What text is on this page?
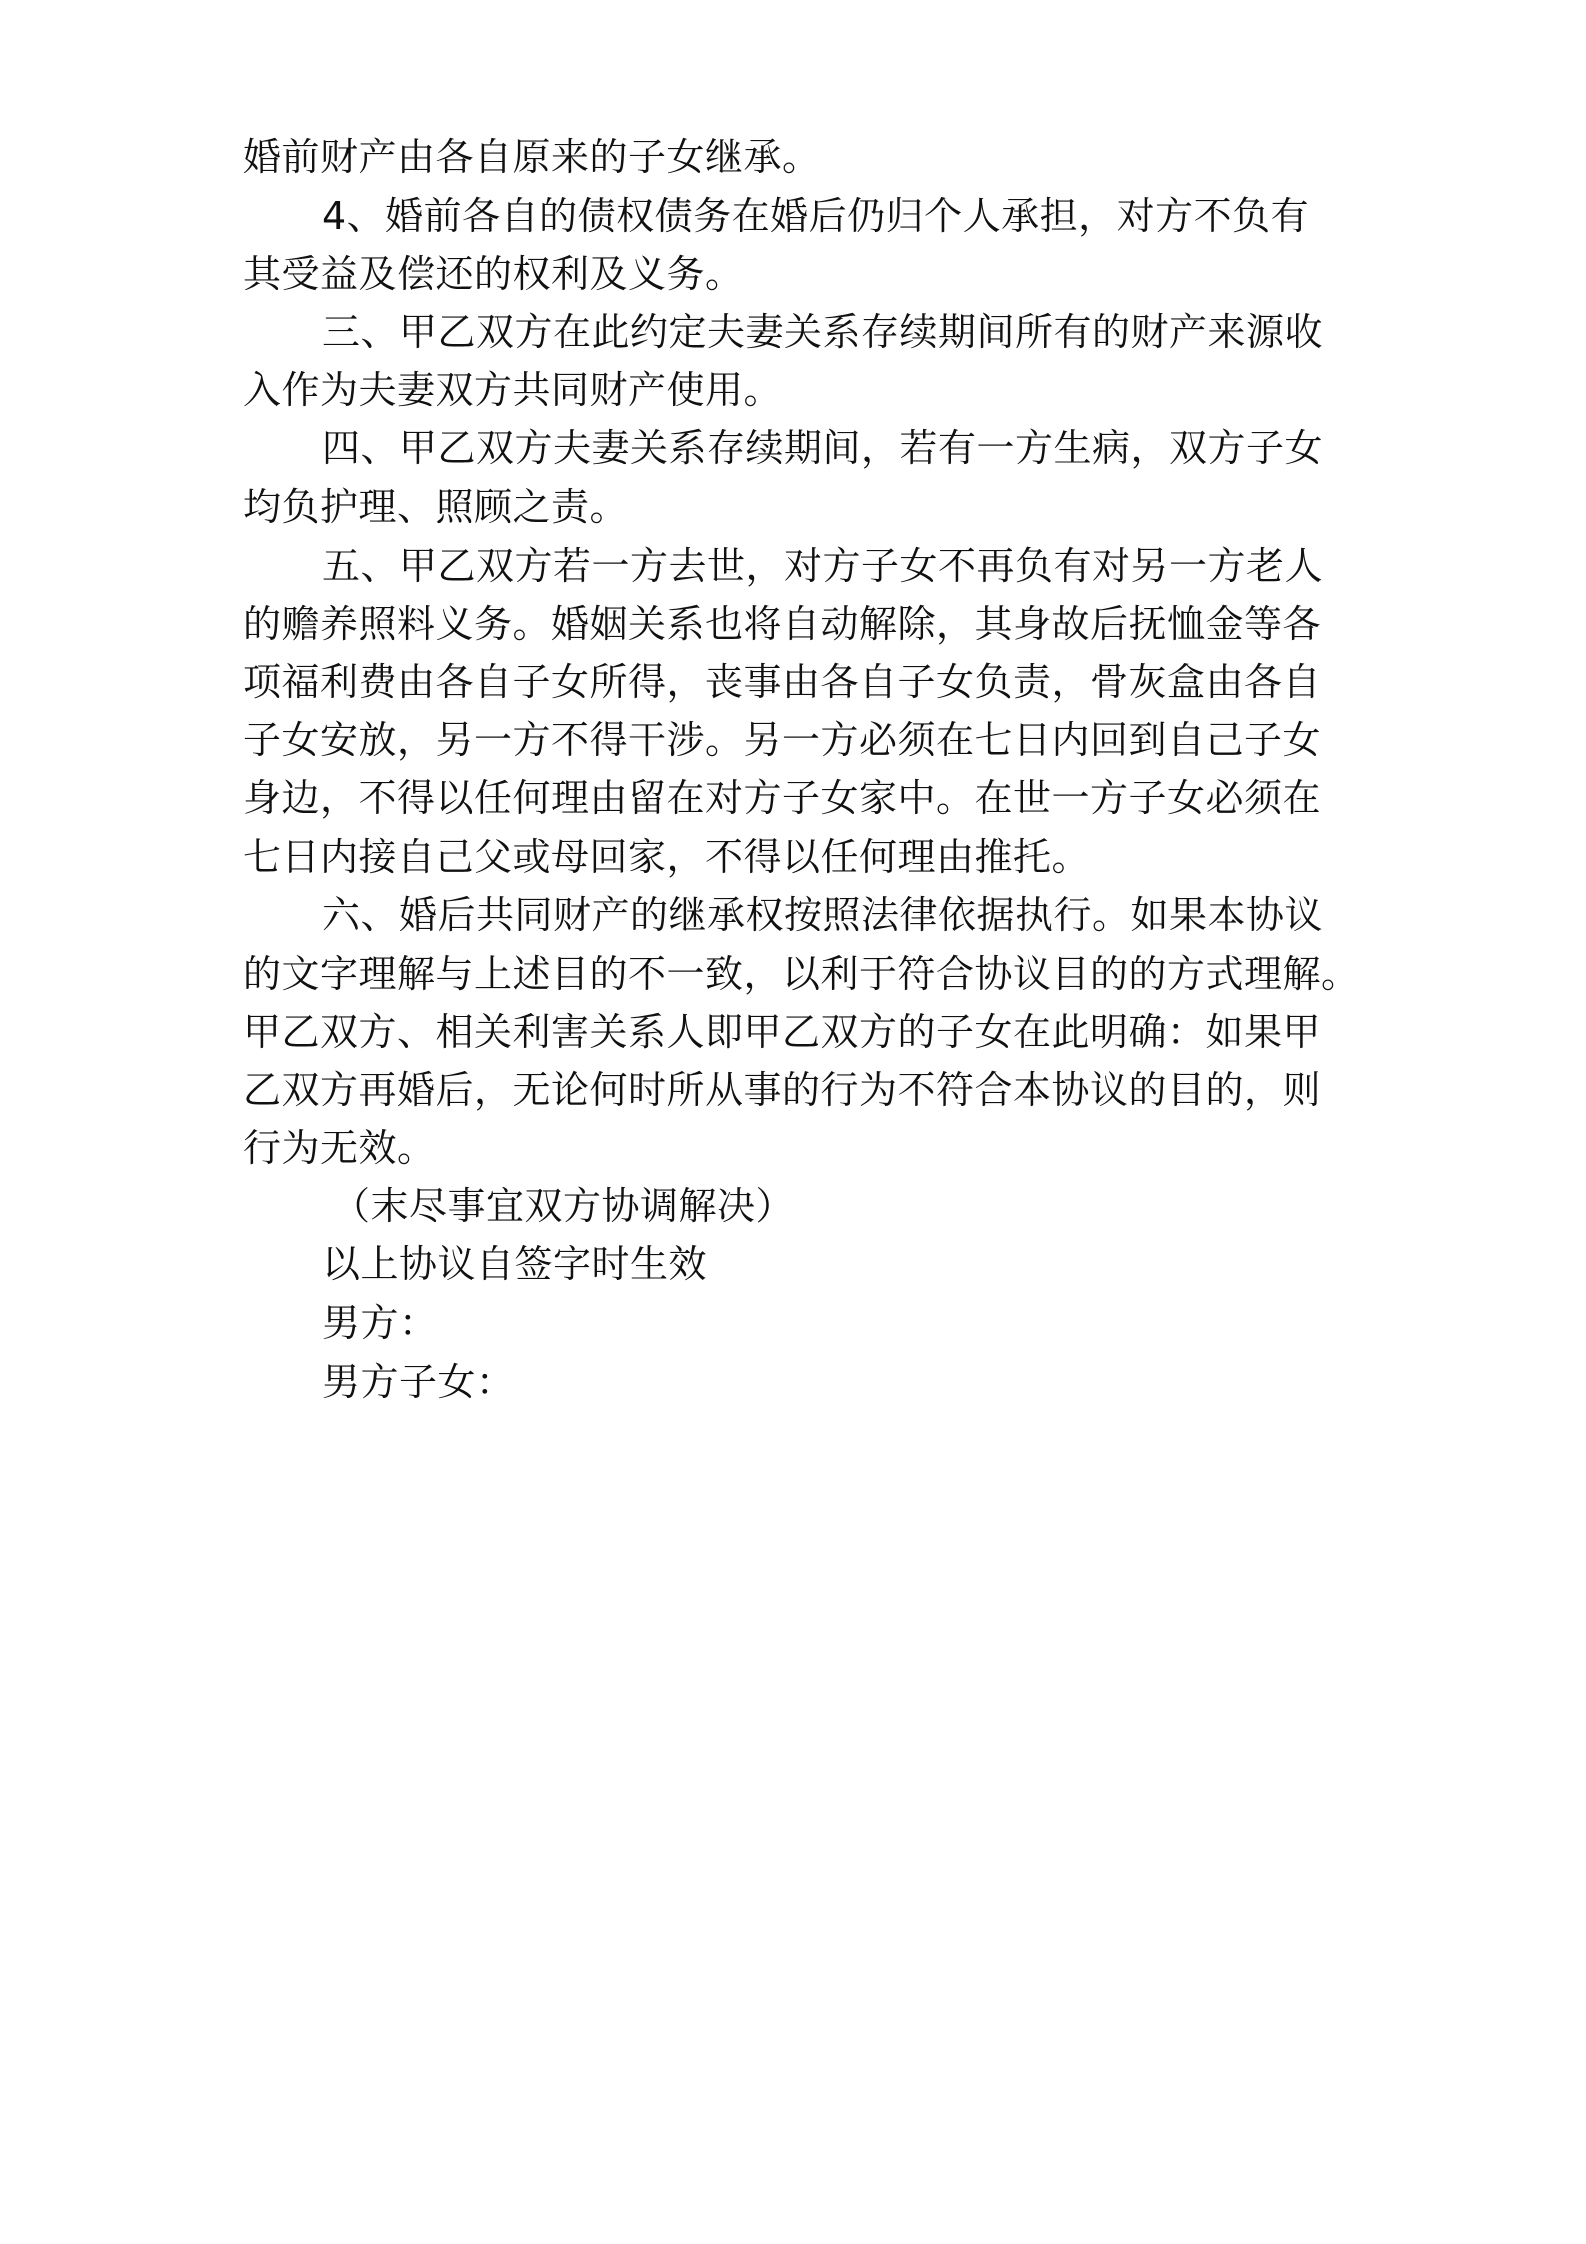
婚前财产由各自原来的子女继承。

4、婚前各自的债权债务在婚后仍归个人承担，对方不负有

其受益及偿还的权利及义务。

三、甲乙双方在此约定夫妻关系存续期间所有的财产来源收

入作为夫妻双方共同财产使用。

四、甲乙双方夫妻关系存续期间，若有一方生病，双方子女

均负护理、照顾之责。

五、甲乙双方若一方去世，对方子女不再负有对另一方老人

的赡养照料义务。婚姻关系也将自动解除，其身故后抚恤金等各

项福利费由各自子女所得，丧事由各自子女负责，骨灰盒由各自

子女安放，另一方不得干涉。另一方必须在七日内回到自己子女

身边，不得以任何理由留在对方子女家中。在世一方子女必须在

七日内接自己父或母回家，不得以任何理由推托。

六、婚后共同财产的继承权按照法律依据执行。如果本协议

的文字理解与上述目的不一致，以利于符合协议目的的方式理解。

甲乙双方、相关利害关系人即甲乙双方的子女在此明确：如果甲

乙双方再婚后，无论何时所从事的行为不符合本协议的目的，则

行为无效。

（末尽事宜双方协调解决）

以上协议自签字时生效

男方：

男方子女：
